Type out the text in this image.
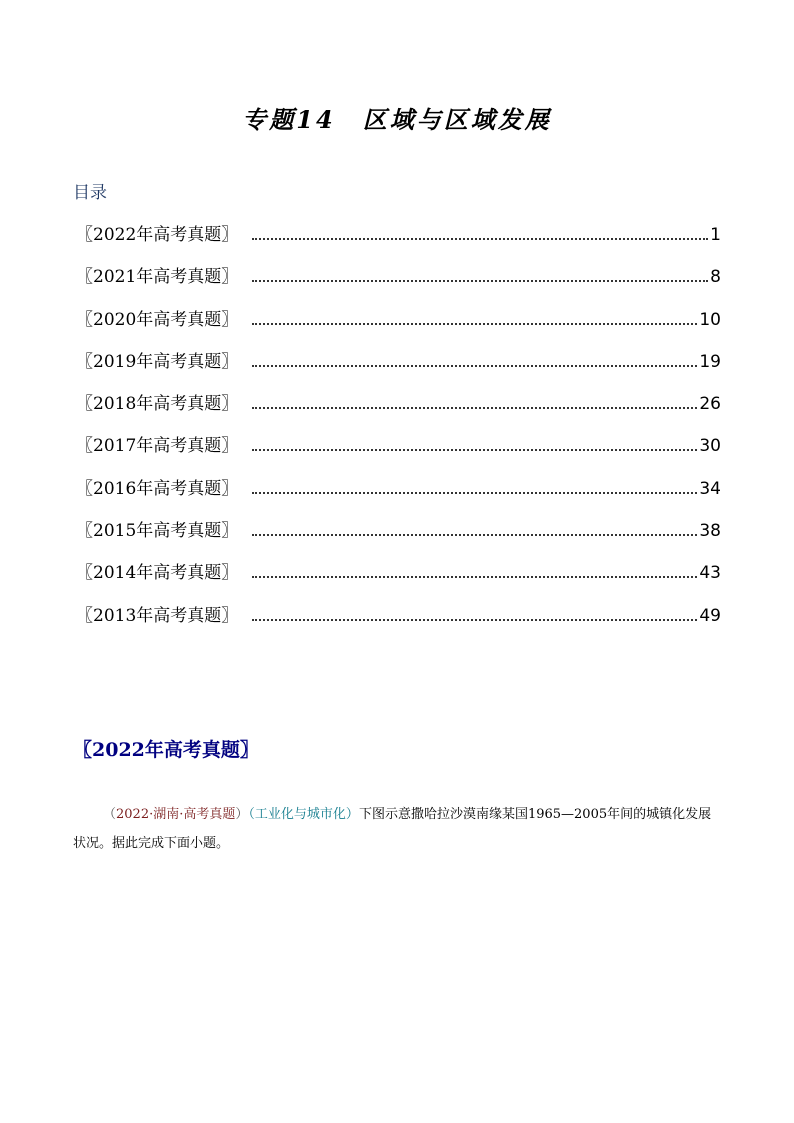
专题14　区域与区域发展
目录
〖2022年高考真题〗	1
〖2021年高考真题〗	8
〖2020年高考真题〗	10
〖2019年高考真题〗	19
〖2018年高考真题〗	26
〖2017年高考真题〗	30
〖2016年高考真题〗	34
〖2015年高考真题〗	38
〖2014年高考真题〗	43
〖2013年高考真题〗	49
〖2022年高考真题〗
（2022·湖南·高考真题）（工业化与城市化）下图示意撒哈拉沙漠南缘某国1965—2005年间的城镇化发展状况。据此完成下面小题。
